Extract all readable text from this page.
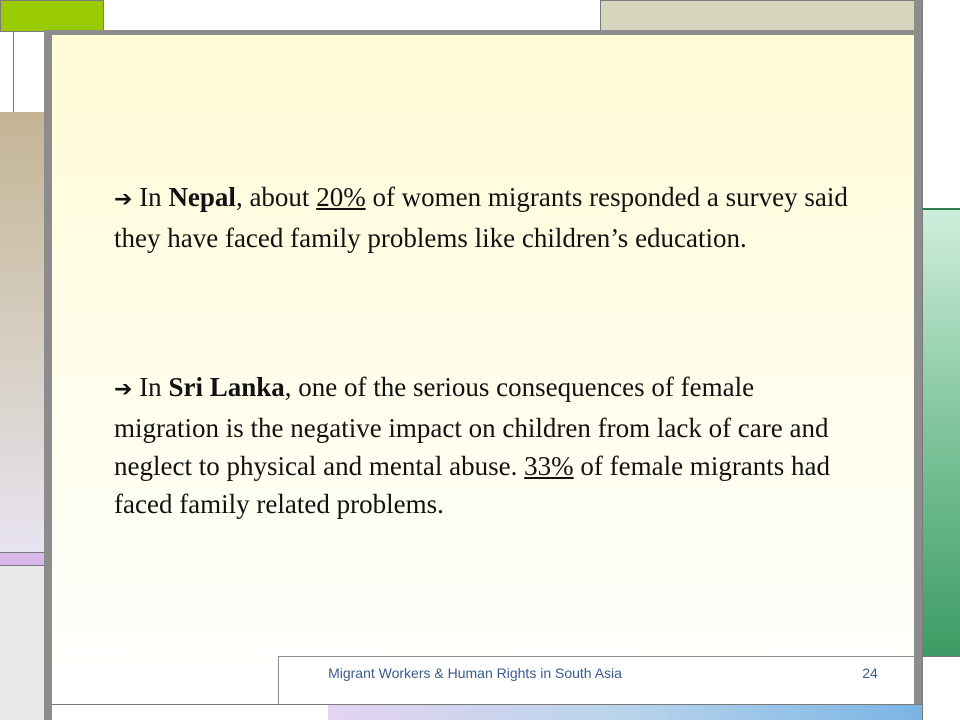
➔ In Nepal, about 20% of women migrants responded a survey said they have faced family problems like children’s education.

➔ In Sri Lanka, one of the serious consequences of female migration is the negative impact on children from lack of care and neglect to physical and mental abuse. 33% of female migrants had faced family related problems.

Migrant Workers & Human Rights in South Asia	24
